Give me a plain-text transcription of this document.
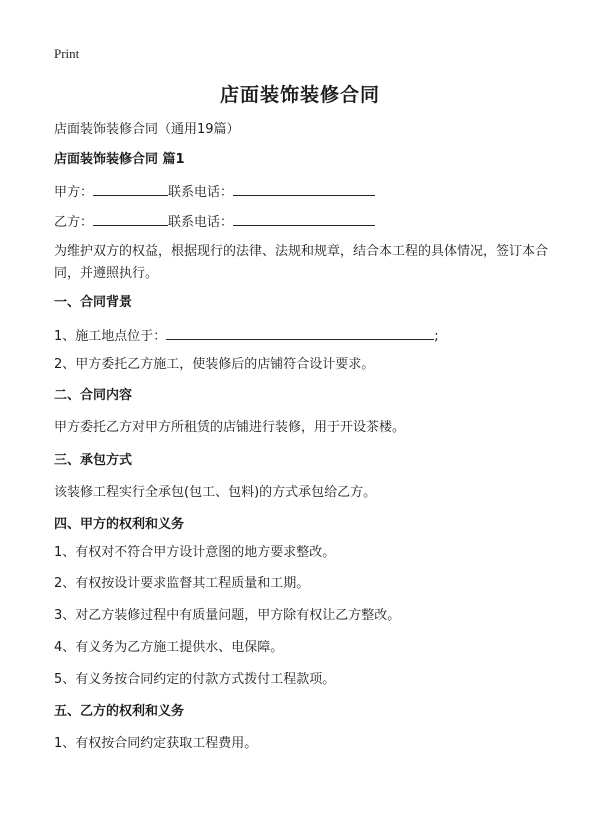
Print
店面装饰装修合同
店面装饰装修合同（通用19篇）
店面装饰装修合同 篇1
甲方：	联系电话：
乙方：	联系电话：
为维护双方的权益，根据现行的法律、法规和规章，结合本工程的具体情况，签订本合同，并遵照执行。
一、合同背景
1、施工地点位于：	;
2、甲方委托乙方施工，使装修后的店铺符合设计要求。
二、合同内容
甲方委托乙方对甲方所租赁的店铺进行装修，用于开设茶楼。
三、承包方式
该装修工程实行全承包(包工、包料)的方式承包给乙方。
四、甲方的权利和义务
1、有权对不符合甲方设计意图的地方要求整改。
2、有权按设计要求监督其工程质量和工期。
3、对乙方装修过程中有质量问题，甲方除有权让乙方整改。
4、有义务为乙方施工提供水、电保障。
5、有义务按合同约定的付款方式拨付工程款项。
五、乙方的权利和义务
1、有权按合同约定获取工程费用。
